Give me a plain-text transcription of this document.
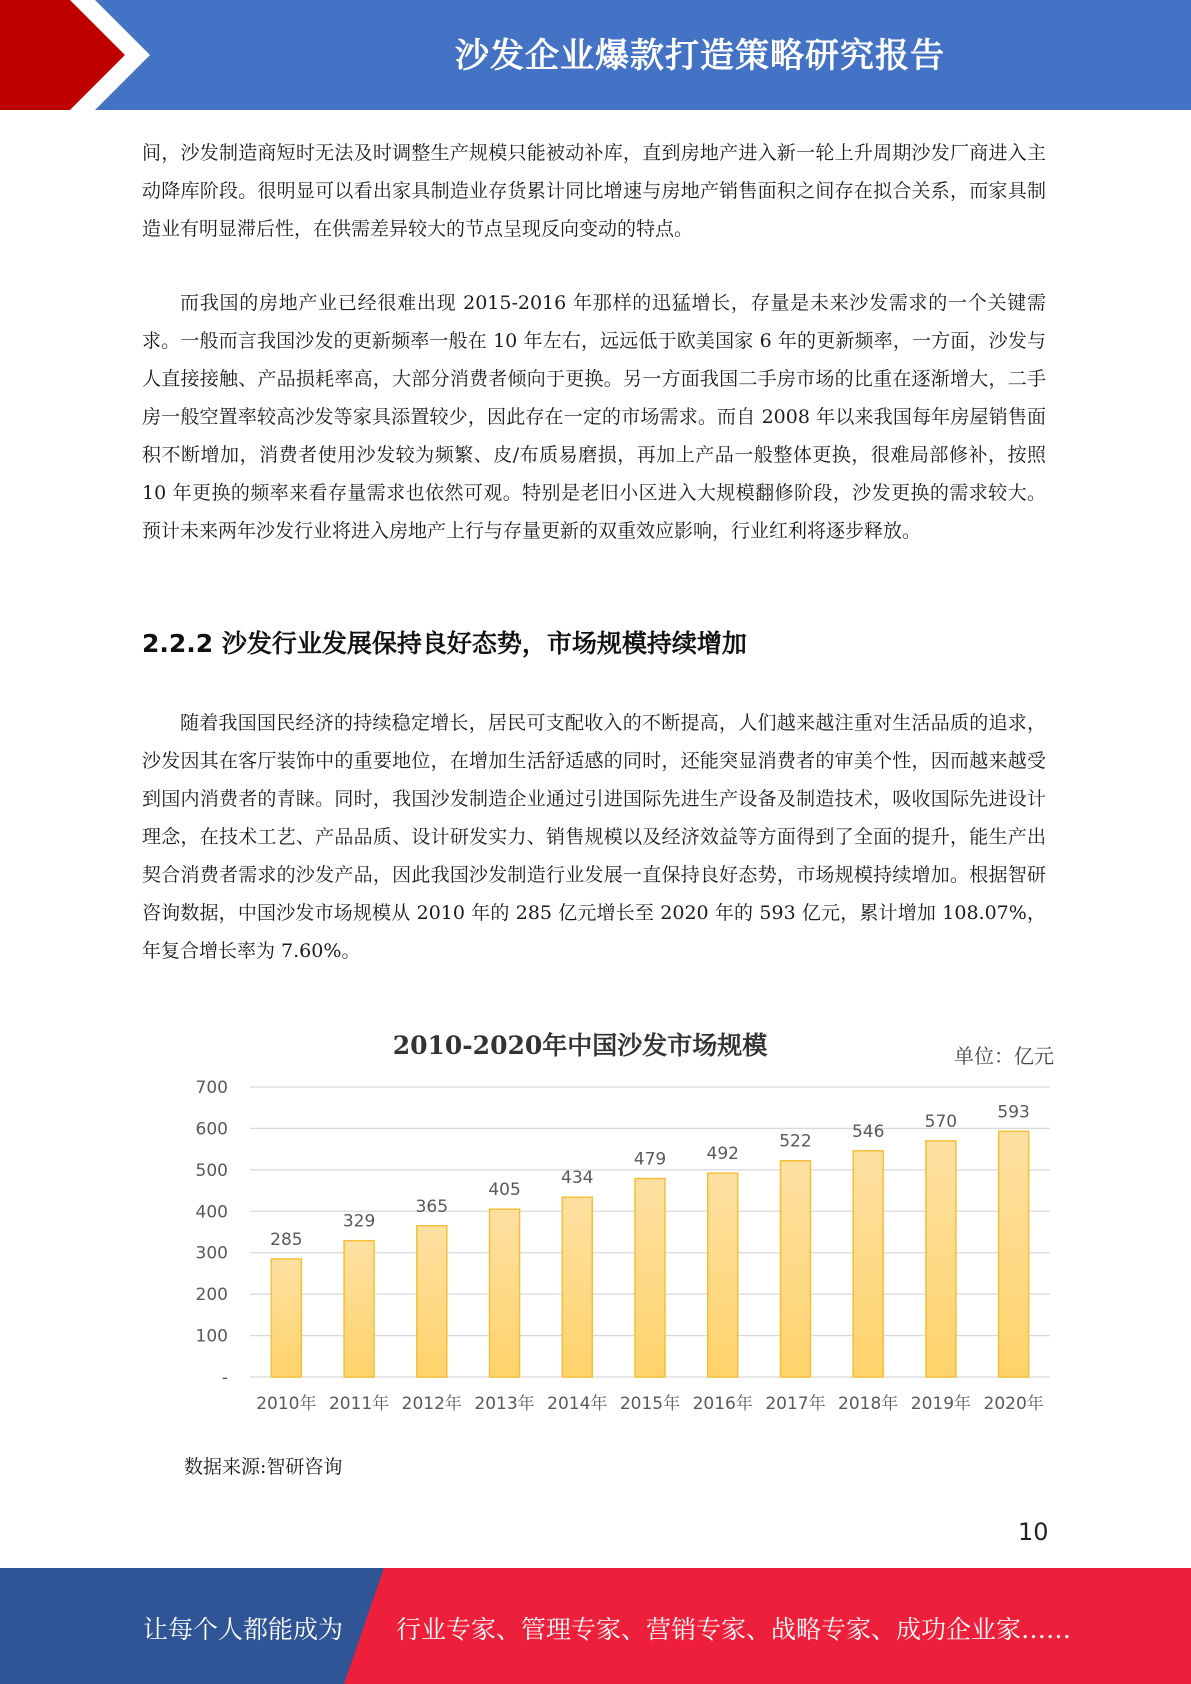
沙发企业爆款打造策略研究报告

间，沙发制造商短时无法及时调整生产规模只能被动补库，直到房地产进入新一轮上升周期沙发厂商进入主动降库阶段。很明显可以看出家具制造业存货累计同比增速与房地产销售面积之间存在拟合关系，而家具制造业有明显滞后性，在供需差异较大的节点呈现反向变动的特点。

而我国的房地产业已经很难出现 2015-2016 年那样的迅猛增长，存量是未来沙发需求的一个关键需求。一般而言我国沙发的更新频率一般在 10 年左右，远远低于欧美国家 6 年的更新频率，一方面，沙发与人直接接触、产品损耗率高，大部分消费者倾向于更换。另一方面我国二手房市场的比重在逐渐增大，二手房一般空置率较高沙发等家具添置较少，因此存在一定的市场需求。而自 2008 年以来我国每年房屋销售面积不断增加，消费者使用沙发较为频繁、皮/布质易磨损，再加上产品一般整体更换，很难局部修补，按照 10 年更换的频率来看存量需求也依然可观。特别是老旧小区进入大规模翻修阶段，沙发更换的需求较大。预计未来两年沙发行业将进入房地产上行与存量更新的双重效应影响，行业红利将逐步释放。

2.2.2 沙发行业发展保持良好态势，市场规模持续增加

随着我国国民经济的持续稳定增长，居民可支配收入的不断提高，人们越来越注重对生活品质的追求，沙发因其在客厅装饰中的重要地位，在增加生活舒适感的同时，还能突显消费者的审美个性，因而越来越受到国内消费者的青睐。同时，我国沙发制造企业通过引进国际先进生产设备及制造技术，吸收国际先进设计理念，在技术工艺、产品品质、设计研发实力、销售规模以及经济效益等方面得到了全面的提升，能生产出契合消费者需求的沙发产品，因此我国沙发制造行业发展一直保持良好态势，市场规模持续增加。根据智研咨询数据，中国沙发市场规模从 2010 年的 285 亿元增长至 2020 年的 593 亿元，累计增加 108.07%，年复合增长率为 7.60%。

-
100
200
300
400
500
600
700
285
2010年
329
2011年
365
2012年
405
2013年
434
2014年
479
2015年
492
2016年
522
2017年
546
2018年
570
2019年
593
2020年
2010-2020年中国沙发市场规模	单位：亿元
数据来源:智研咨询
10
让每个人都能成为 行业专家、管理专家、营销专家、战略专家、成功企业家……
